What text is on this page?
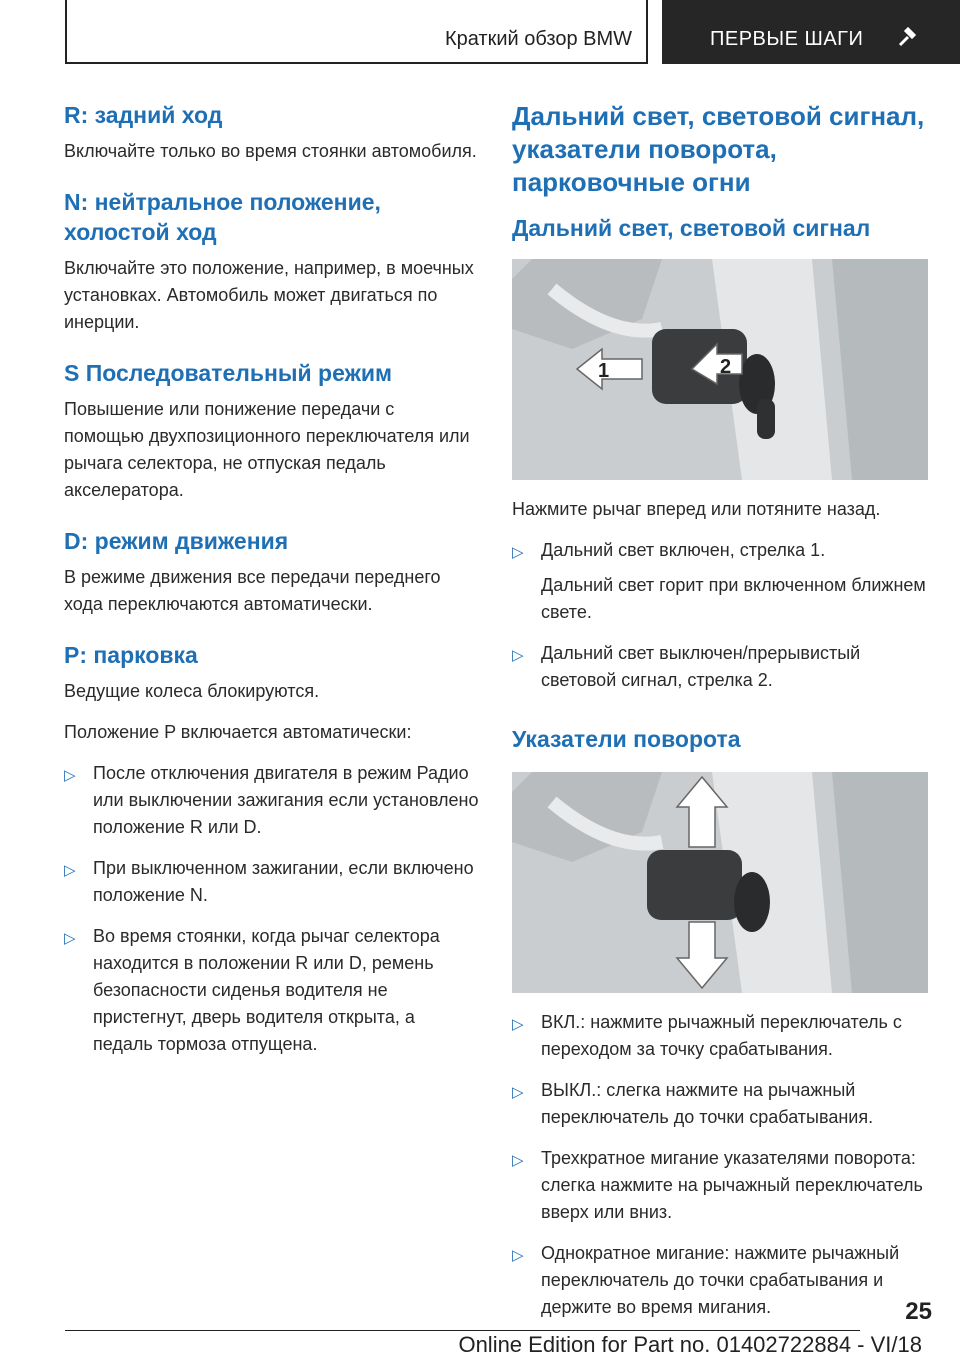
Краткий обзор BMW	ПЕРВЫЕ ШАГИ
R: задний ход

Включайте только во время стоянки автомобиля.

N: нейтральное положение, холостой ход

Включайте это положение, например, в моечных установках. Автомобиль может двигаться по инерции.

S Последовательный режим

Повышение или понижение передачи с помощью двухпозиционного переключателя или рычага селектора, не отпуская педаль акселератора.

D: режим движения

В режиме движения все передачи переднего хода переключаются автоматически.

P: парковка

Ведущие колеса блокируются.

Положение P включается автоматически:

▷ После отключения двигателя в режим Радио или выключении зажигания если установлено положение R или D.
▷ При выключенном зажигании, если включено положение N.
▷ Во время стоянки, когда рычаг селектора находится в положении R или D, ремень безопасности сиденья водителя не пристегнут, дверь водителя открыта, а педаль тормоза отпущена.
Дальний свет, световой сигнал, указатели поворота, парковочные огни
Дальний свет, световой сигнал
1	2

Нажмите рычаг вперед или потяните назад.

▷ Дальний свет включен, стрелка 1.

Дальний свет горит при включенном ближнем свете.

▷ Дальний свет выключен/прерывистый световой сигнал, стрелка 2.
Указатели поворота
▷ ВКЛ.: нажмите рычажный переключатель с переходом за точку срабатывания.
▷ ВЫКЛ.: слегка нажмите на рычажный переключатель до точки срабатывания.
▷ Трехкратное мигание указателями поворота: слегка нажмите на рычажный переключатель вверх или вниз.
▷ Однократное мигание: нажмите рычажный переключатель до точки срабатывания и держите во время мигания.	25
Online Edition for Part no. 01402722884 - VI/18
